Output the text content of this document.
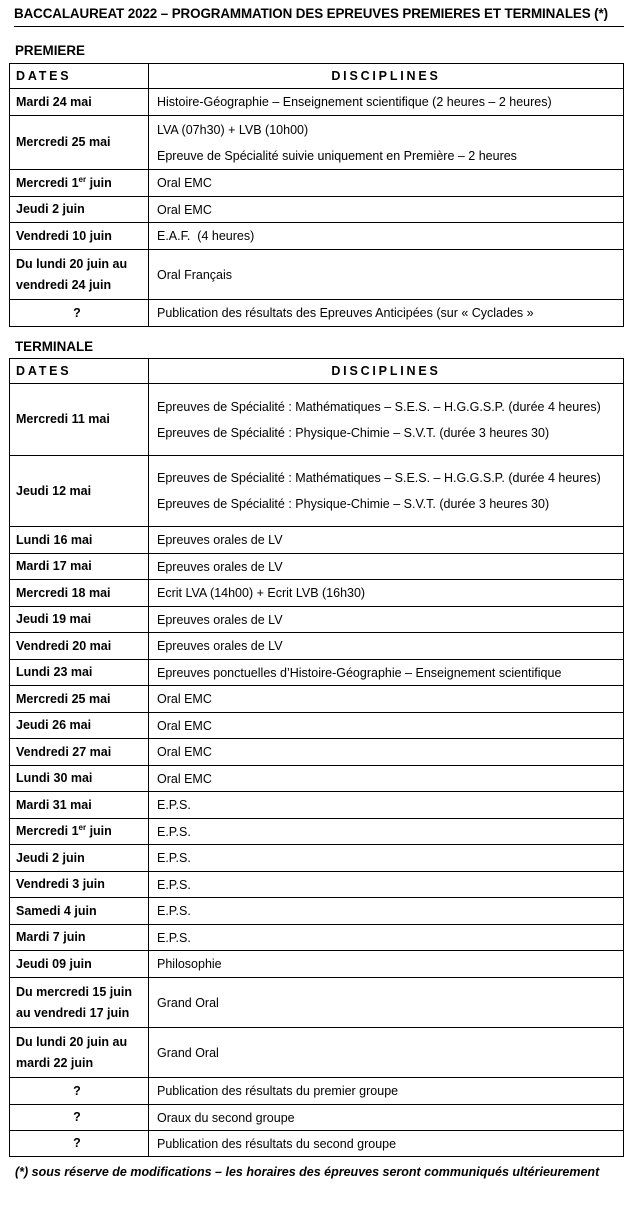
BACCALAUREAT 2022 – PROGRAMMATION DES EPREUVES PREMIERES ET TERMINALES (*)
PREMIERE
DATES	DISCIPLINES
Mardi 24 mai	Histoire-Géographie – Enseignement scientifique (2 heures – 2 heures)

Mercredi 25 mai	LVA (07h30) + LVB (10h00)
Epreuve de Spécialité suivie uniquement en Première – 2 heures

Mercredi 1er juin	Oral EMC

Jeudi 2 juin	Oral EMC

Vendredi 10 juin	E.A.F.  (4 heures)

Du lundi 20 juin au vendredi 24 juin	Oral Français

?	Publication des résultats des Epreuves Anticipées (sur « Cyclades »
TERMINALE
DATES	DISCIPLINES
Mercredi 11 mai	Epreuves de Spécialité : Mathématiques – S.E.S. – H.G.G.S.P. (durée 4 heures)
Epreuves de Spécialité : Physique-Chimie – S.V.T. (durée 3 heures 30)

Jeudi 12 mai	Epreuves de Spécialité : Mathématiques – S.E.S. – H.G.G.S.P. (durée 4 heures)
Epreuves de Spécialité : Physique-Chimie – S.V.T. (durée 3 heures 30)

Lundi 16 mai	Epreuves orales de LV

Mardi 17 mai	Epreuves orales de LV

Mercredi 18 mai	Ecrit LVA (14h00) + Ecrit LVB (16h30)

Jeudi 19 mai	Epreuves orales de LV

Vendredi 20 mai	Epreuves orales de LV

Lundi 23 mai	Epreuves ponctuelles d’Histoire-Géographie – Enseignement scientifique

Mercredi 25 mai	Oral EMC

Jeudi 26 mai	Oral EMC

Vendredi 27 mai	Oral EMC

Lundi 30 mai	Oral EMC

Mardi 31 mai	E.P.S.

Mercredi 1er juin	E.P.S.

Jeudi 2 juin	E.P.S.

Vendredi 3 juin	E.P.S.

Samedi 4 juin	E.P.S.

Mardi 7 juin	E.P.S.

Jeudi 09 juin	Philosophie

Du mercredi 15 juin au vendredi 17 juin	Grand Oral

Du lundi 20 juin au mardi 22 juin	Grand Oral

?	Publication des résultats du premier groupe

?	Oraux du second groupe

?	Publication des résultats du second groupe
(*) sous réserve de modifications – les horaires des épreuves seront communiqués ultérieurement
